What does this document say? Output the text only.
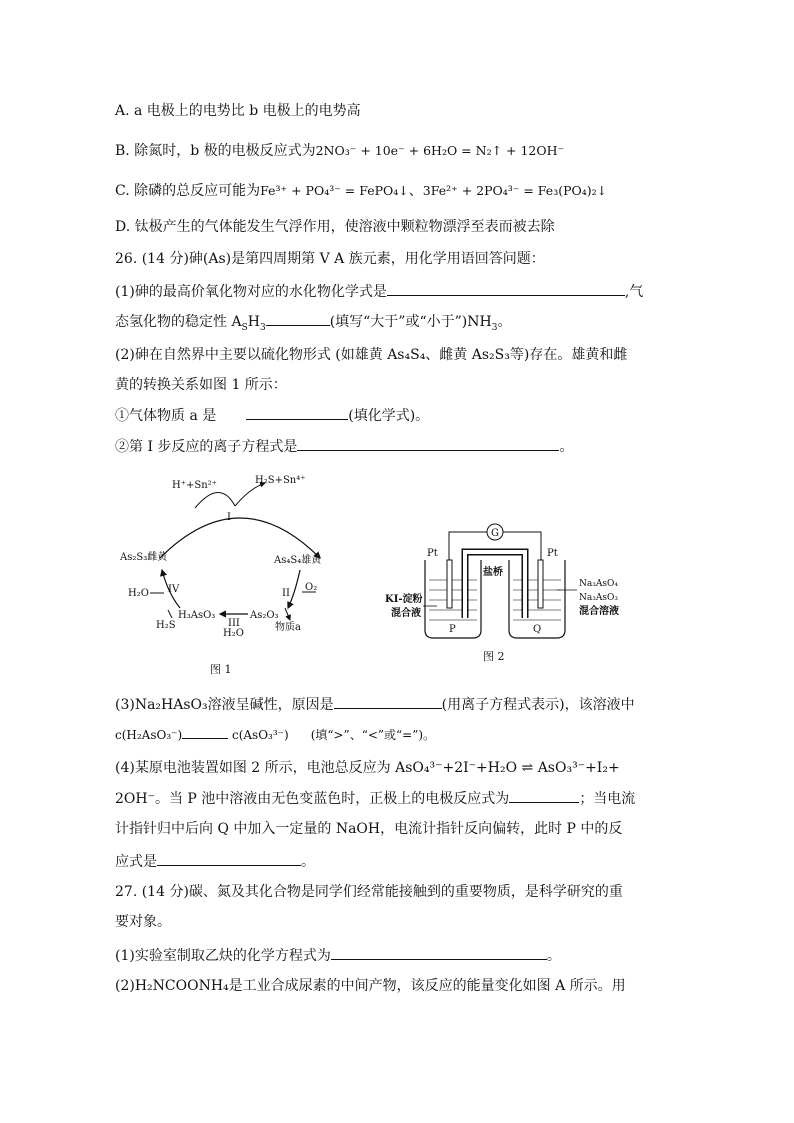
A. a 电极上的电势比 b 电极上的电势高
B. 除氮时，b 极的电极反应式为2NO₃⁻ + 10e⁻ + 6H₂O = N₂↑ + 12OH⁻
C. 除磷的总反应可能为Fe³⁺ + PO₄³⁻ = FePO₄↓、3Fe²⁺ + 2PO₄³⁻ = Fe₃(PO₄)₂↓
D. 钛极产生的气体能发生气浮作用，使溶液中颗粒物漂浮至表而被去除
26. (14 分)砷(As)是第四周期第 V A 族元素，用化学用语回答问题：
(1)砷的最高价氧化物对应的水化物化学式是	,气
态氢化物的稳定性 $A_SH_3$	(填写“大于”或“小于$”)NH_3$。
(2)砷在自然界中主要以硫化物形式 (如雄黄 As₄S₄、雌黄 As₂S₃等)存在。雄黄和雌
黄的转换关系如图 1 所示：
①气体物质 a 是	(填化学式)。
②第 I 步反应的离子方程式是	。
H⁺+Sn²⁺	H₂S+Sn⁴⁺
I
As₂S₃雌黄	As₄S₄雄黄
II
O₂
As₂O₃
物质a
III
H₂O
H₃AsO₃
IV
H₂O
H₂S
图 1
G
Pt	Pt
盐桥
KI-淀粉
混合液
Na₃AsO₄
Na₃AsO₃
混合溶液
P	Q
图 2
(3)Na₂HAsO₃溶液呈碱性，原因是	(用离子方程式表示)，该溶液中
c(H₂AsO₃⁻)	c(AsO₃³⁻) (填“>”、“<”或“=”)。
(4)某原电池装置如图 2 所示，电池总反应为 AsO₄³⁻+2I⁻+H₂O ⇌ AsO₃³⁻+I₂+
2OH⁻。当 P 池中溶液由无色变蓝色时，正极上的电极反应式为	；当电流
计指针归中后向 Q 中加入一定量的 NaOH，电流计指针反向偏转，此时 P 中的反
应式是	。
27. (14 分)碳、氮及其化合物是同学们经常能接触到的重要物质，是科学研究的重
要对象。
(1)实验室制取乙炔的化学方程式为	。
(2)H₂NCOONH₄是工业合成尿素的中间产物，该反应的能量变化如图 A 所示。用
